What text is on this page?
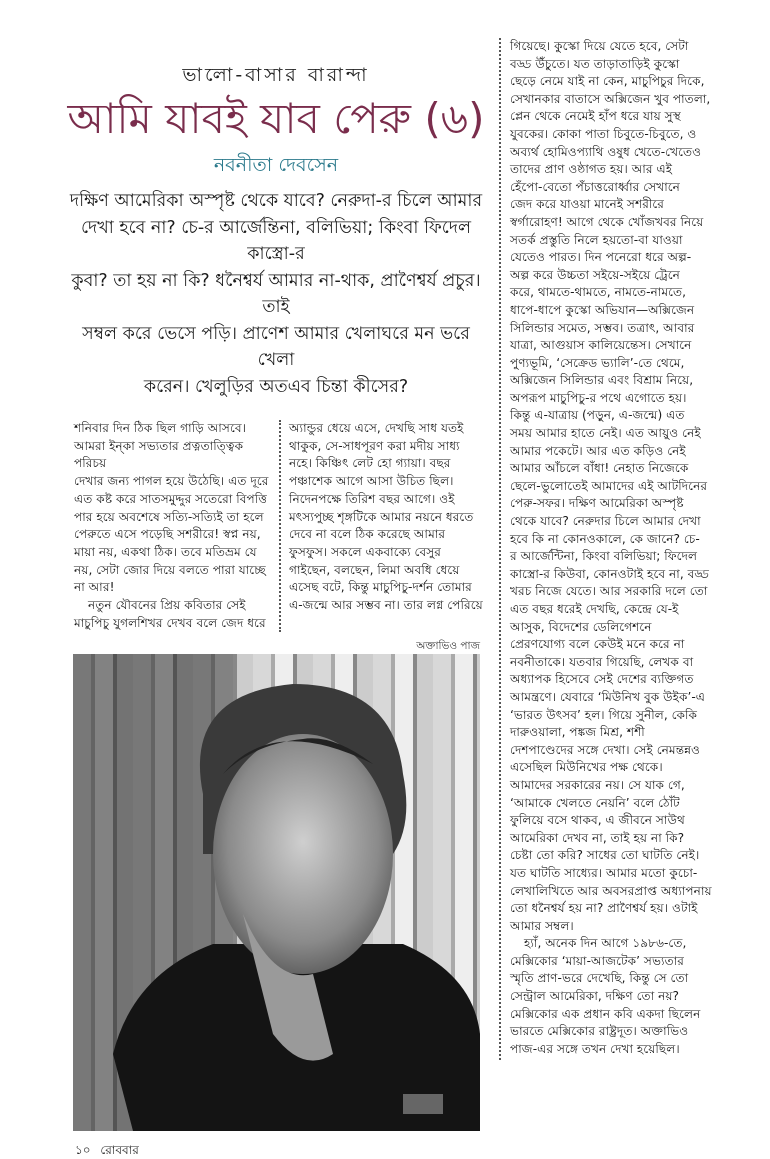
ভালো-বাসার বারান্দা
আমি যাবই যাব পেরু (৬)
নবনীতা দেবসেন
দক্ষিণ আমেরিকা অস্পৃষ্ট থেকে যাবে? নেরুদা-র চিলে আমার
দেখা হবে না? চে-র আর্জেন্তিনা, বলিভিয়া; কিংবা ফিদেল কাস্ত্রো-র
কুবা? তা হয় না কি? ধনৈশ্বর্য আমার না-থাক, প্রাণৈশ্বর্য প্রচুর। তাই
সম্বল করে ভেসে পড়ি। প্রাণেশ আমার খেলাঘরে মন ভরে খেলা
করেন। খেলুড়ির অতএব চিন্তা কীসের?
শনিবার দিন ঠিক ছিল গাড়ি আসবে।
আমরা ইন্‌কা সভ্যতার প্রত্নতাত্ত্বিক পরিচয়
দেখার জন্য পাগল হয়ে উঠেছি। এত দূরে
এত কষ্ট করে সাতসমুদ্দুর সতেরো বিপত্তি
পার হয়ে অবশেষে সত্যি-সত্যিই তা হলে
পেরুতে এসে পড়েছি সশরীরে! স্বপ্ন নয়,
মায়া নয়, একথা ঠিক। তবে মতিভ্রম যে
নয়, সেটা জোর দিয়ে বলতে পারা যাচ্ছে
না আর!
নতুন যৌবনের প্রিয় কবিতার সেই
মাচুপিচু যুগলশিখর দেখব বলে জেদ ধরে
অ্যান্ডুর ধেয়ে এসে, দেখছি সাধ যতই
থাকুক, সে-সাধপূরণ করা মদীয় সাধ্য
নহে। কিঞ্চিৎ লেট হো গ্যায়া। বছর
পঞ্চাশেক আগে আসা উচিত ছিল।
নিদেনপক্ষে তিরিশ বছর আগে। ওই
মৎস্যপুচ্ছ শৃঙ্গটিকে আমার নয়নে ধরতে
দেবে না বলে ঠিক করেছে আমার
ফুসফুস। সকলে একবাক্যে বেসুর
গাইছেন, বলছেন, লিমা অবধি ধেয়ে
এসেছ বটে, কিন্তু মাচুপিচু-দর্শন তোমার
এ-জন্মে আর সম্ভব না। তার লগ্ন পেরিয়ে
অক্তাভিও পাজ
১০ রোববার
গিয়েছে। কুস্কো দিয়ে যেতে হবে, সেটা
বড্ড উঁচুতে। যত তাড়াতাড়িই কুস্কো
ছেড়ে নেমে যাই না কেন, মাচুপিচুর দিকে,
সেখানকার বাতাসে অক্সিজেন খুব পাতলা,
প্লেন থেকে নেমেই হাঁপ ধরে যায় সুস্থ
যুবকের। কোকা পাতা চিবুতে-চিবুতে, ও
অব্যর্থ হোমিওপ্যাথি ওষুধ খেতে-খেতেও
তাদের প্রাণ ওষ্ঠাগত হয়। আর এই
হেঁপো-বেতো পঁচাত্তরোর্ধ্বার সেখানে
জেদ করে যাওয়া মানেই সশরীরে
স্বর্গারোহণ! আগে থেকে খোঁজখবর নিয়ে
সতর্ক প্রস্তুতি নিলে হয়তো-বা যাওয়া
যেতেও পারত। দিন পনেরো ধরে অল্প-
অল্প করে উচ্চতা সইয়ে-সইয়ে ট্রেনে
করে, থামতে-থামতে, নামতে-নামতে,
ধাপে-ধাপে কুস্কো অভিযান—অক্সিজেন
সিলিন্ডার সমেত, সম্ভব। তত্রাৎ, আবার
যাত্রা, আগুয়াস কালিয়েন্তেস। সেখানে
পুণ্যভূমি, ‘সেক্রেড ভ্যালি’-তে থেমে,
অক্সিজেন সিলিন্ডার এবং বিশ্রাম নিয়ে,
অপরূপ মাচুপিচু-র পথে এগোতে হয়।
কিন্তু এ-যাত্রায় (পড়ুন, এ-জন্মে) এত
সময় আমার হাতে নেই। এত আয়ুও নেই
আমার পকেটে। আর এত কড়িও নেই
আমার আঁচলে বাঁধা! নেহাত নিজেকে
ছেলে-ভুলোতেই আমাদের এই আটদিনের
পেরু-সফর। দক্ষিণ আমেরিকা অস্পৃষ্ট
থেকে যাবে? নেরুদার চিলে আমার দেখা
হবে কি না কোনওকালে, কে জানে? চে-
র আর্জেন্টিনা, কিংবা বলিভিয়া; ফিদেল
কাস্ত্রো-র কিউবা, কোনওটাই হবে না, বড্ড
খরচ নিজে যেতে। আর সরকারি দলে তো
এত বছর ধরেই দেখছি, কেন্দ্রে যে-ই
আসুক, বিদেশের ডেলিগেশনে
প্রেরণযোগ্য বলে কেউই মনে করে না
নবনীতাকে। যতবার গিয়েছি, লেখক বা
অধ্যাপক হিসেবে সেই দেশের ব্যক্তিগত
আমন্ত্রণে। যেবারে ‘মিউনিখ বুক উইক’-এ
‘ভারত উৎসব’ হল। গিয়ে সুনীল, কেকি
দারুওয়ালা, পঙ্কজ মিশ্র, শশী
দেশপাণ্ডেদের সঙ্গে দেখা। সেই নেমন্তন্নও
এসেছিল মিউনিখের পক্ষ থেকে।
আমাদের সরকারের নয়। সে যাক গে,
‘আমাকে খেলতে নেয়নি’ বলে ঠোঁট
ফুলিয়ে বসে থাকব, এ জীবনে সাউথ
আমেরিকা দেখব না, তাই হয় না কি?
চেষ্টা তো করি? সাধের তো ঘাটতি নেই।
যত ঘাটতি সাধ্যের। আমার মতো কুচো-
লেখালিখিতে আর অবসরপ্রাপ্ত অধ্যাপনায়
তো ধনৈশ্বর্য হয় না? প্রাণৈশ্বর্য হয়। ওটাই
আমার সম্বল।
হ্যাঁ, অনেক দিন আগে ১৯৮৬-তে,
মেক্সিকোর ‘মায়া-আজটেক’ সভ্যতার
স্মৃতি প্রাণ-ভরে দেখেছি, কিন্তু সে তো
সেন্ট্রাল আমেরিকা, দক্ষিণ তো নয়?
মেক্সিকোর এক প্রধান কবি একদা ছিলেন
ভারতে মেক্সিকোর রাষ্ট্রদূত। অক্তাভিও
পাজ-এর সঙ্গে তখন দেখা হয়েছিল।
